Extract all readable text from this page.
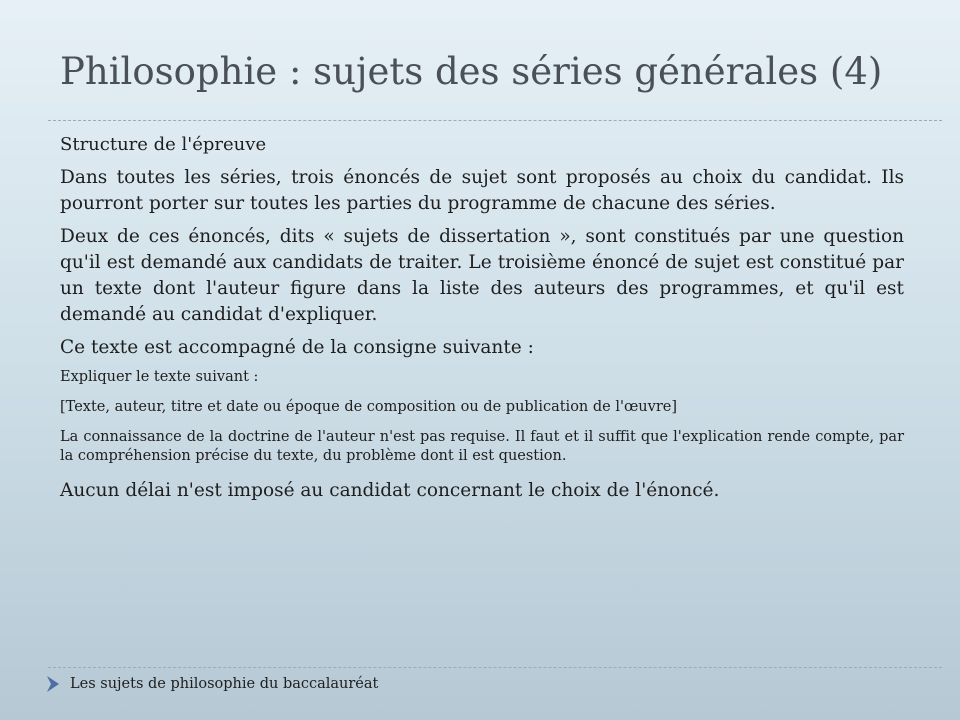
Philosophie : sujets des séries générales (4)

Structure de l'épreuve

Dans toutes les séries, trois énoncés de sujet sont proposés au choix du candidat. Ils pourront porter sur toutes les parties du programme de chacune des séries.

Deux de ces énoncés, dits « sujets de dissertation », sont constitués par une question qu'il est demandé aux candidats de traiter. Le troisième énoncé de sujet est constitué par un texte dont l'auteur figure dans la liste des auteurs des programmes, et qu'il est demandé au candidat d'expliquer.

Ce texte est accompagné de la consigne suivante :

Expliquer le texte suivant :

[Texte, auteur, titre et date ou époque de composition ou de publication de l'œuvre]

La connaissance de la doctrine de l'auteur n'est pas requise. Il faut et il suffit que l'explication rende compte, par la compréhension précise du texte, du problème dont il est question.

Aucun délai n'est imposé au candidat concernant le choix de l'énoncé.

Les sujets de philosophie du baccalauréat
